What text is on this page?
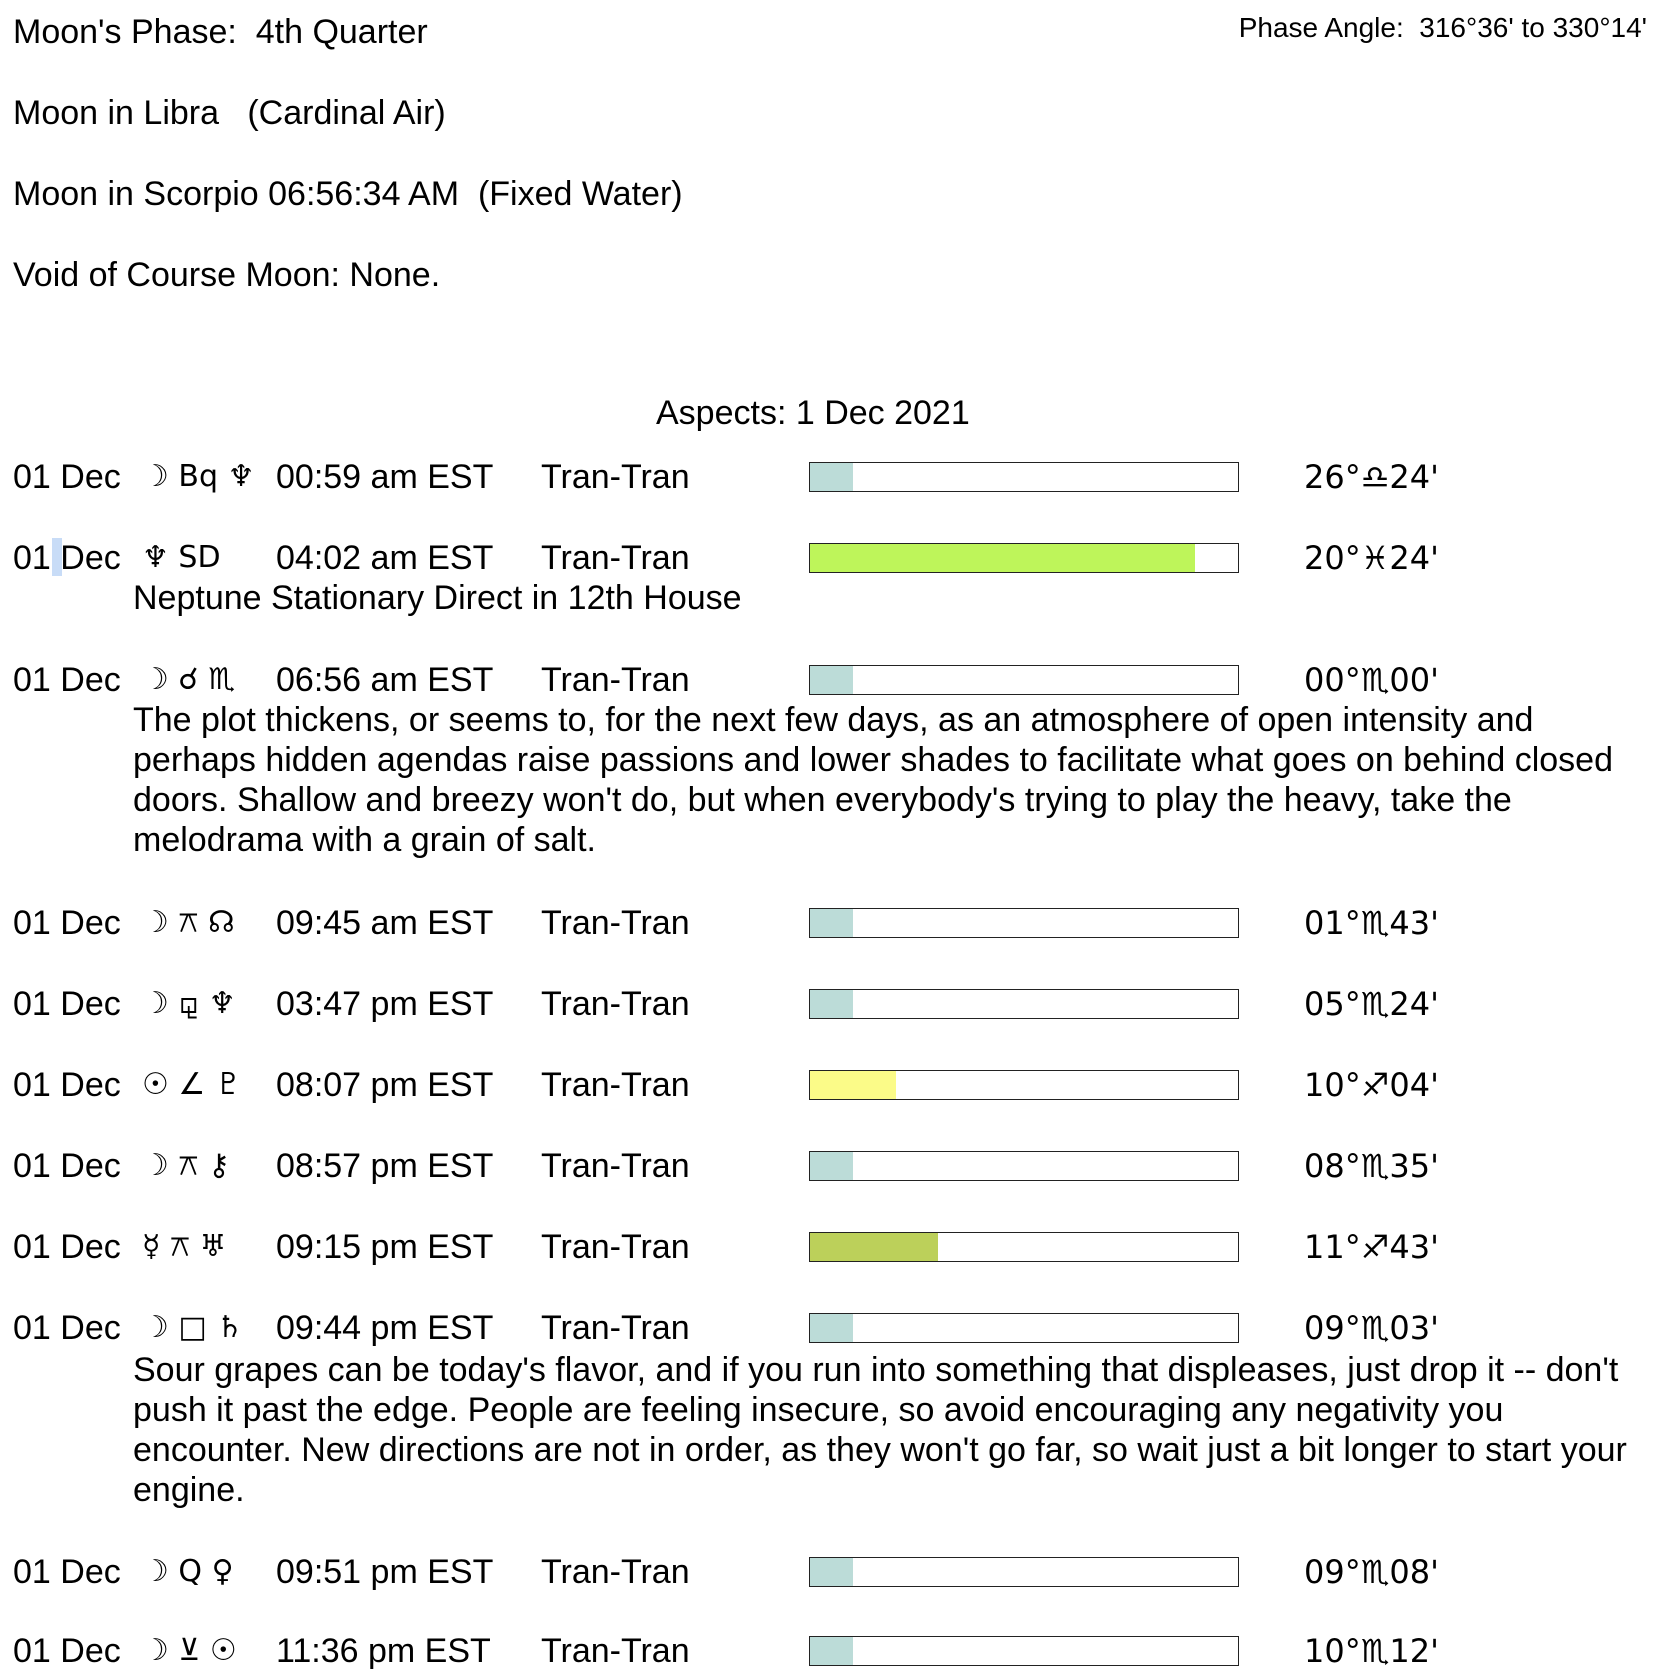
Moon's Phase:  4th Quarter	Phase Angle:  316°36' to 330°14'
Moon in Libra   (Cardinal Air)
Moon in Scorpio 06:56:34 AM  (Fixed Water)
Void of Course Moon: None.
Aspects: 1 Dec 2021
01 Dec ☽ Bq ♆ 00:59 am EST Tran-Tran	26°♎24'
01 Dec ♆ SD	04:02 am EST Tran-Tran	20°♓24'
Neptune Stationary Direct in 12th House
01 Dec ☽ ☌ ♏	06:56 am EST Tran-Tran	00°♏00'
The plot thickens, or seems to, for the next few days, as an atmosphere of open intensity and perhaps hidden agendas raise passions and lower shades to facilitate what goes on behind closed doors. Shallow and breezy won't do, but when everybody's trying to play the heavy, take the melodrama with a grain of salt.
01 Dec ☽ ⚻ ☊	09:45 am EST Tran-Tran	01°♏43'
01 Dec ☽ ⚼ ♆	03:47 pm EST Tran-Tran	05°♏24'
01 Dec ☉ ∠ ♇	08:07 pm EST Tran-Tran	10°♐04'
01 Dec ☽ ⚻ ⚷	08:57 pm EST Tran-Tran	08°♏35'
01 Dec ☿ ⚻ ♅	09:15 pm EST Tran-Tran	11°♐43'
01 Dec ☽ □ ♄ 09:44 pm EST Tran-Tran	09°♏03'
Sour grapes can be today's flavor, and if you run into something that displeases, just drop it -- don't push it past the edge. People are feeling insecure, so avoid encouraging any negativity you encounter. New directions are not in order, as they won't go far, so wait just a bit longer to start your engine.
01 Dec ☽ Q ♀	09:51 pm EST Tran-Tran	09°♏08'
01 Dec ☽ ⊻ ☉	11:36 pm EST Tran-Tran	10°♏12'
